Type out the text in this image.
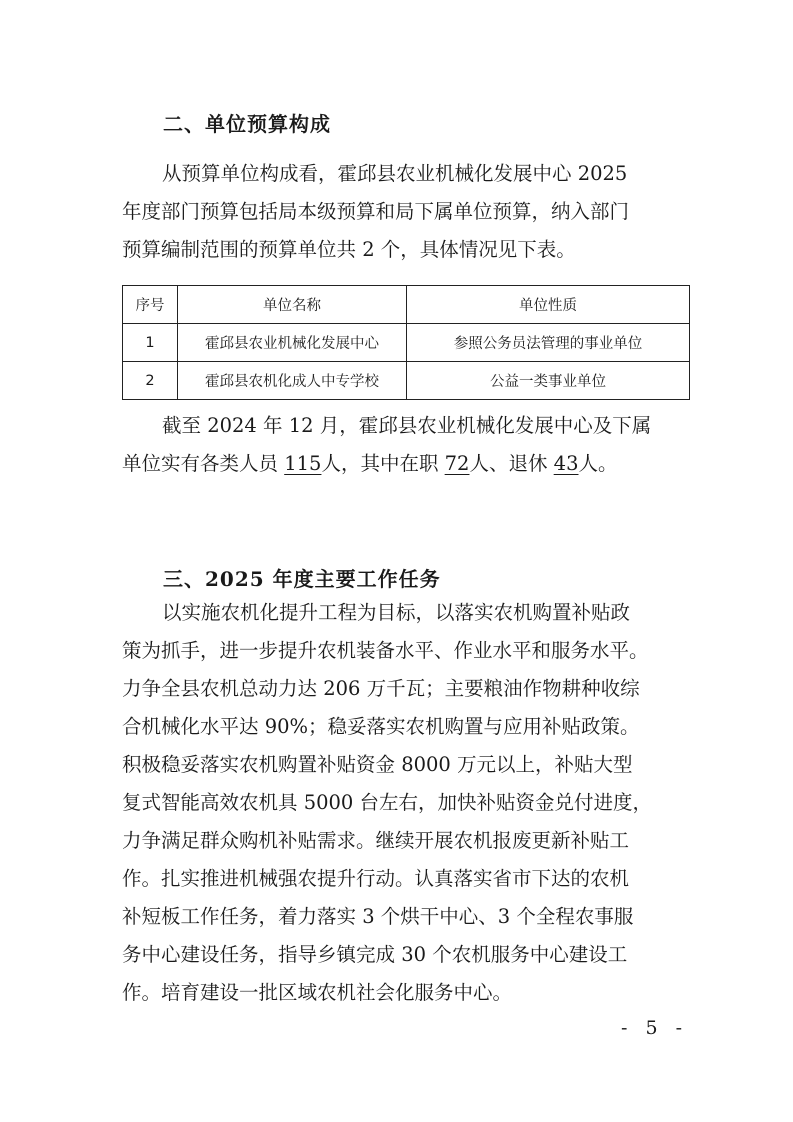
二、单位预算构成
从预算单位构成看，霍邱县农业机械化发展中心 2025
年度部门预算包括局本级预算和局下属单位预算，纳入部门
预算编制范围的预算单位共 2 个，具体情况见下表。
序号	单位名称	单位性质
1	霍邱县农业机械化发展中心	参照公务员法管理的事业单位
2	霍邱县农机化成人中专学校	公益一类事业单位
截至 2024 年 12 月，霍邱县农业机械化发展中心及下属
单位实有各类人员 115人，其中在职 72人、退休 43人。
三、2025 年度主要工作任务
以实施农机化提升工程为目标，以落实农机购置补贴政
策为抓手，进一步提升农机装备水平、作业水平和服务水平。
力争全县农机总动力达 206 万千瓦；主要粮油作物耕种收综
合机械化水平达 90%；稳妥落实农机购置与应用补贴政策。
积极稳妥落实农机购置补贴资金 8000 万元以上，补贴大型
复式智能高效农机具 5000 台左右，加快补贴资金兑付进度，
力争满足群众购机补贴需求。继续开展农机报废更新补贴工
作。扎实推进机械强农提升行动。认真落实省市下达的农机
补短板工作任务，着力落实 3 个烘干中心、3 个全程农事服
务中心建设任务，指导乡镇完成 30 个农机服务中心建设工
作。培育建设一批区域农机社会化服务中心。
- 5 -
